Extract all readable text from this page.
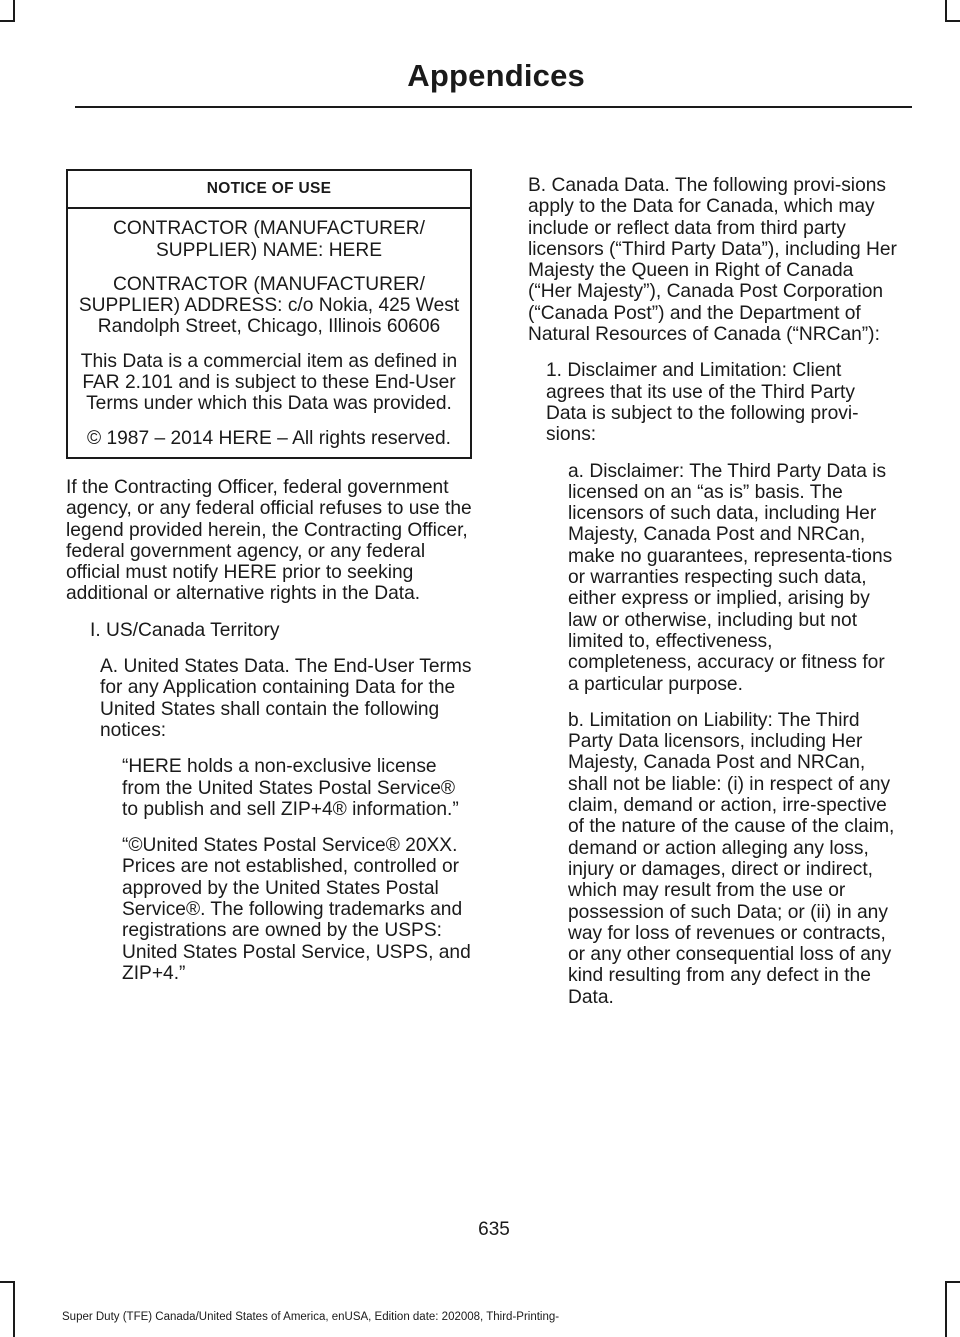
Appendices
NOTICE OF USE

CONTRACTOR (MANUFACTURER/ SUPPLIER) NAME: HERE

CONTRACTOR (MANUFACTURER/ SUPPLIER) ADDRESS: c/o Nokia, 425 West Randolph Street, Chicago, Illinois 60606

This Data is a commercial item as defined in FAR 2.101 and is subject to these End-User Terms under which this Data was provided.

© 1987 – 2014 HERE – All rights reserved.

If the Contracting Officer, federal government agency, or any federal official refuses to use the legend provided herein, the Contracting Officer, federal government agency, or any federal official must notify HERE prior to seeking additional or alternative rights in the Data.

I. US/Canada Territory

A. United States Data. The End-User Terms for any Application containing Data for the United States shall contain the following notices:

“HERE holds a non-exclusive license from the United States Postal Service® to publish and sell ZIP+4® information.”

“©United States Postal Service® 20XX. Prices are not established, controlled or approved by the United States Postal Service®. The following trademarks and registrations are owned by the USPS: United States Postal Service, USPS, and ZIP+4.”

B. Canada Data. The following provi-sions apply to the Data for Canada, which may include or reflect data from third party licensors (“Third Party Data”), including Her Majesty the Queen in Right of Canada (“Her Majesty”), Canada Post Corporation (“Canada Post”) and the Department of Natural Resources of Canada (“NRCan”):

1. Disclaimer and Limitation: Client agrees that its use of the Third Party Data is subject to the following provi-sions:

a. Disclaimer: The Third Party Data is licensed on an “as is” basis. The licensors of such data, including Her Majesty, Canada Post and NRCan, make no guarantees, representa-tions or warranties respecting such data, either express or implied, arising by law or otherwise, including but not limited to, effectiveness, completeness, accuracy or fitness for a particular purpose.

b. Limitation on Liability: The Third Party Data licensors, including Her Majesty, Canada Post and NRCan, shall not be liable: (i) in respect of any claim, demand or action, irre-spective of the nature of the cause of the claim, demand or action alleging any loss, injury or damages, direct or indirect, which may result from the use or possession of such Data; or (ii) in any way for loss of revenues or contracts, or any other consequential loss of any kind resulting from any defect in the Data.

635
Super Duty (TFE) Canada/United States of America, enUSA, Edition date: 202008, Third-Printing-
